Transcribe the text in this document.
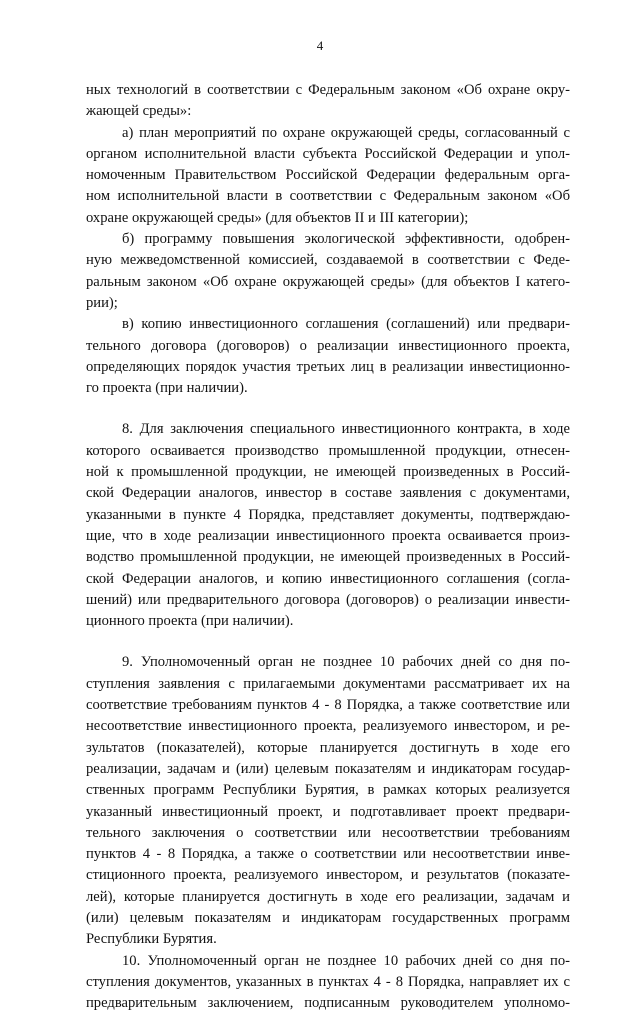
4
ных технологий в соответствии с Федеральным законом «Об охране окру-
жающей среды»:
а) план мероприятий по охране окружающей среды, согласованный с
органом исполнительной власти субъекта Российской Федерации и упол-
номоченным Правительством Российской Федерации федеральным орга-
ном исполнительной власти в соответствии с Федеральным законом «Об
охране окружающей среды» (для объектов II и III категории);
б) программу повышения экологической эффективности, одобрен-
ную межведомственной комиссией, создаваемой в соответствии с Феде-
ральным законом «Об охране окружающей среды» (для объектов I катего-
рии);
в) копию инвестиционного соглашения (соглашений) или предвари-
тельного договора (договоров) о реализации инвестиционного проекта,
определяющих порядок участия третьих лиц в реализации инвестиционно-
го проекта (при наличии).
8. Для заключения специального инвестиционного контракта, в ходе
которого осваивается производство промышленной продукции, отнесен-
ной к промышленной продукции, не имеющей произведенных в Россий-
ской Федерации аналогов, инвестор в составе заявления с документами,
указанными в пункте 4 Порядка, представляет документы, подтверждаю-
щие, что в ходе реализации инвестиционного проекта осваивается произ-
водство промышленной продукции, не имеющей произведенных в Россий-
ской Федерации аналогов, и копию инвестиционного соглашения (согла-
шений) или предварительного договора (договоров) о реализации инвести-
ционного проекта (при наличии).
9. Уполномоченный орган не позднее 10 рабочих дней со дня по-
ступления заявления с прилагаемыми документами рассматривает их на
соответствие требованиям пунктов 4 - 8 Порядка, а также соответствие или
несоответствие инвестиционного проекта, реализуемого инвестором, и ре-
зультатов (показателей), которые планируется достигнуть в ходе его
реализации, задачам и (или) целевым показателям и индикаторам государ-
ственных программ Республики Бурятия, в рамках которых реализуется
указанный инвестиционный проект, и подготавливает проект предвари-
тельного заключения о соответствии или несоответствии требованиям
пунктов 4 - 8 Порядка, а также о соответствии или несоответствии инве-
стиционного проекта, реализуемого инвестором, и результатов (показате-
лей), которые планируется достигнуть в ходе его реализации, задачам и
(или) целевым показателям и индикаторам государственных программ
Республики Бурятия.
10. Уполномоченный орган не позднее 10 рабочих дней со дня по-
ступления документов, указанных в пунктах 4 - 8 Порядка, направляет их с
предварительным заключением, подписанным руководителем уполномо-
